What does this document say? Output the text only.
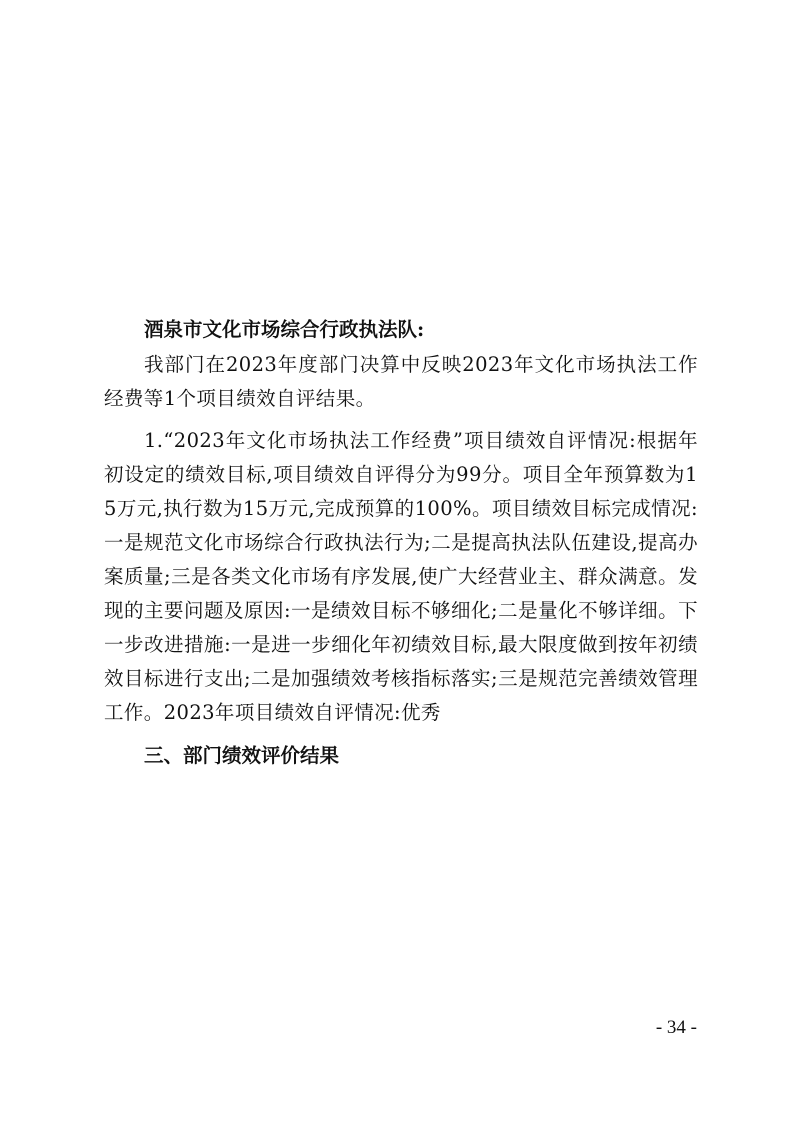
酒泉市文化市场综合行政执法队:

我部门在2023年度部门决算中反映2023年文化市场执法工作经费等1个项目绩效自评结果。

1.“2023年文化市场执法工作经费”项目绩效自评情况:根据年初设定的绩效目标,项目绩效自评得分为99分。项目全年预算数为15万元,执行数为15万元,完成预算的100%。项目绩效目标完成情况:一是规范文化市场综合行政执法行为;二是提高执法队伍建设,提高办案质量;三是各类文化市场有序发展,使广大经营业主、群众满意。发现的主要问题及原因:一是绩效目标不够细化;二是量化不够详细。下一步改进措施:一是进一步细化年初绩效目标,最大限度做到按年初绩效目标进行支出;二是加强绩效考核指标落实;三是规范完善绩效管理工作。2023年项目绩效自评情况:优秀

三、部门绩效评价结果

- 34 -
